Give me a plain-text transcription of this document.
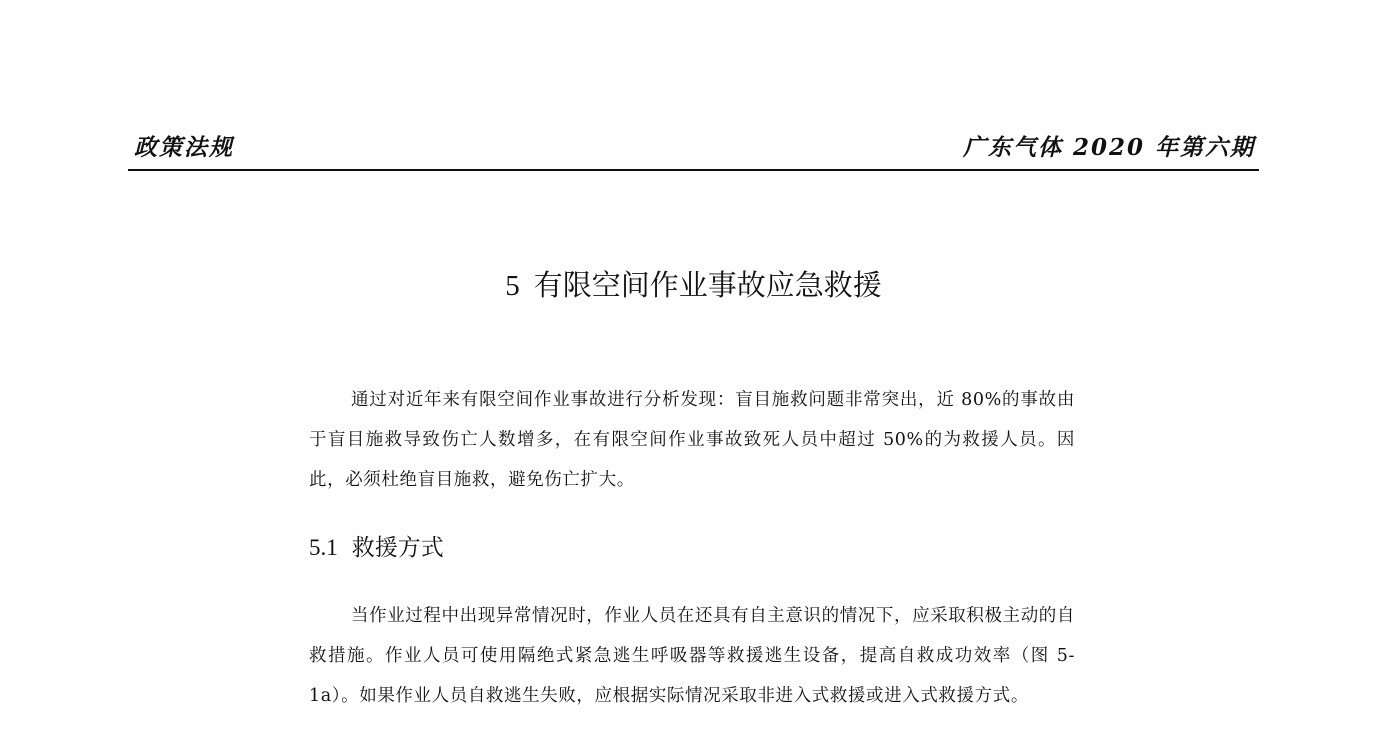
政策法规	广东气体 2020 年第六期
5 有限空间作业事故应急救援
通过对近年来有限空间作业事故进行分析发现：盲目施救问题非常突出，近 80%的事故由于盲目施救导致伤亡人数增多，在有限空间作业事故致死人员中超过 50%的为救援人员。因此，必须杜绝盲目施救，避免伤亡扩大。
5.1 救援方式
当作业过程中出现异常情况时，作业人员在还具有自主意识的情况下，应采取积极主动的自救措施。作业人员可使用隔绝式紧急逃生呼吸器等救援逃生设备，提高自救成功效率（图 5-1a）。如果作业人员自救逃生失败，应根据实际情况采取非进入式救援或进入式救援方式。
